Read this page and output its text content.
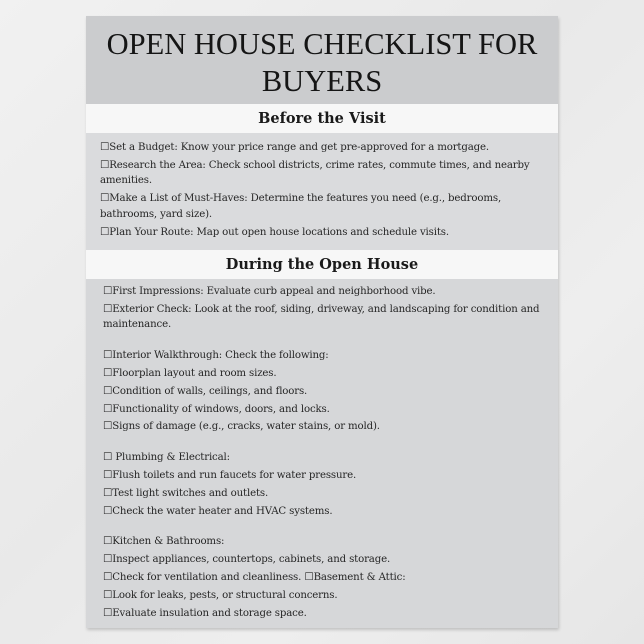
OPEN HOUSE CHECKLIST FOR
BUYERS
Before the Visit
☐Set a Budget: Know your price range and get pre-approved for a mortgage.
☐Research the Area: Check school districts, crime rates, commute times, and nearby amenities.
☐Make a List of Must-Haves: Determine the features you need (e.g., bedrooms, bathrooms, yard size).
☐Plan Your Route: Map out open house locations and schedule visits.
During the Open House
☐First Impressions: Evaluate curb appeal and neighborhood vibe.
☐Exterior Check: Look at the roof, siding, driveway, and landscaping for condition and maintenance.
☐Interior Walkthrough: Check the following:
☐Floorplan layout and room sizes.
☐Condition of walls, ceilings, and floors.
☐Functionality of windows, doors, and locks.
☐Signs of damage (e.g., cracks, water stains, or mold).
☐ Plumbing & Electrical:
☐Flush toilets and run faucets for water pressure.
☐Test light switches and outlets.
☐Check the water heater and HVAC systems.
☐Kitchen & Bathrooms:
☐Inspect appliances, countertops, cabinets, and storage.
☐Check for ventilation and cleanliness. ☐Basement & Attic:
☐Look for leaks, pests, or structural concerns.
☐Evaluate insulation and storage space.
